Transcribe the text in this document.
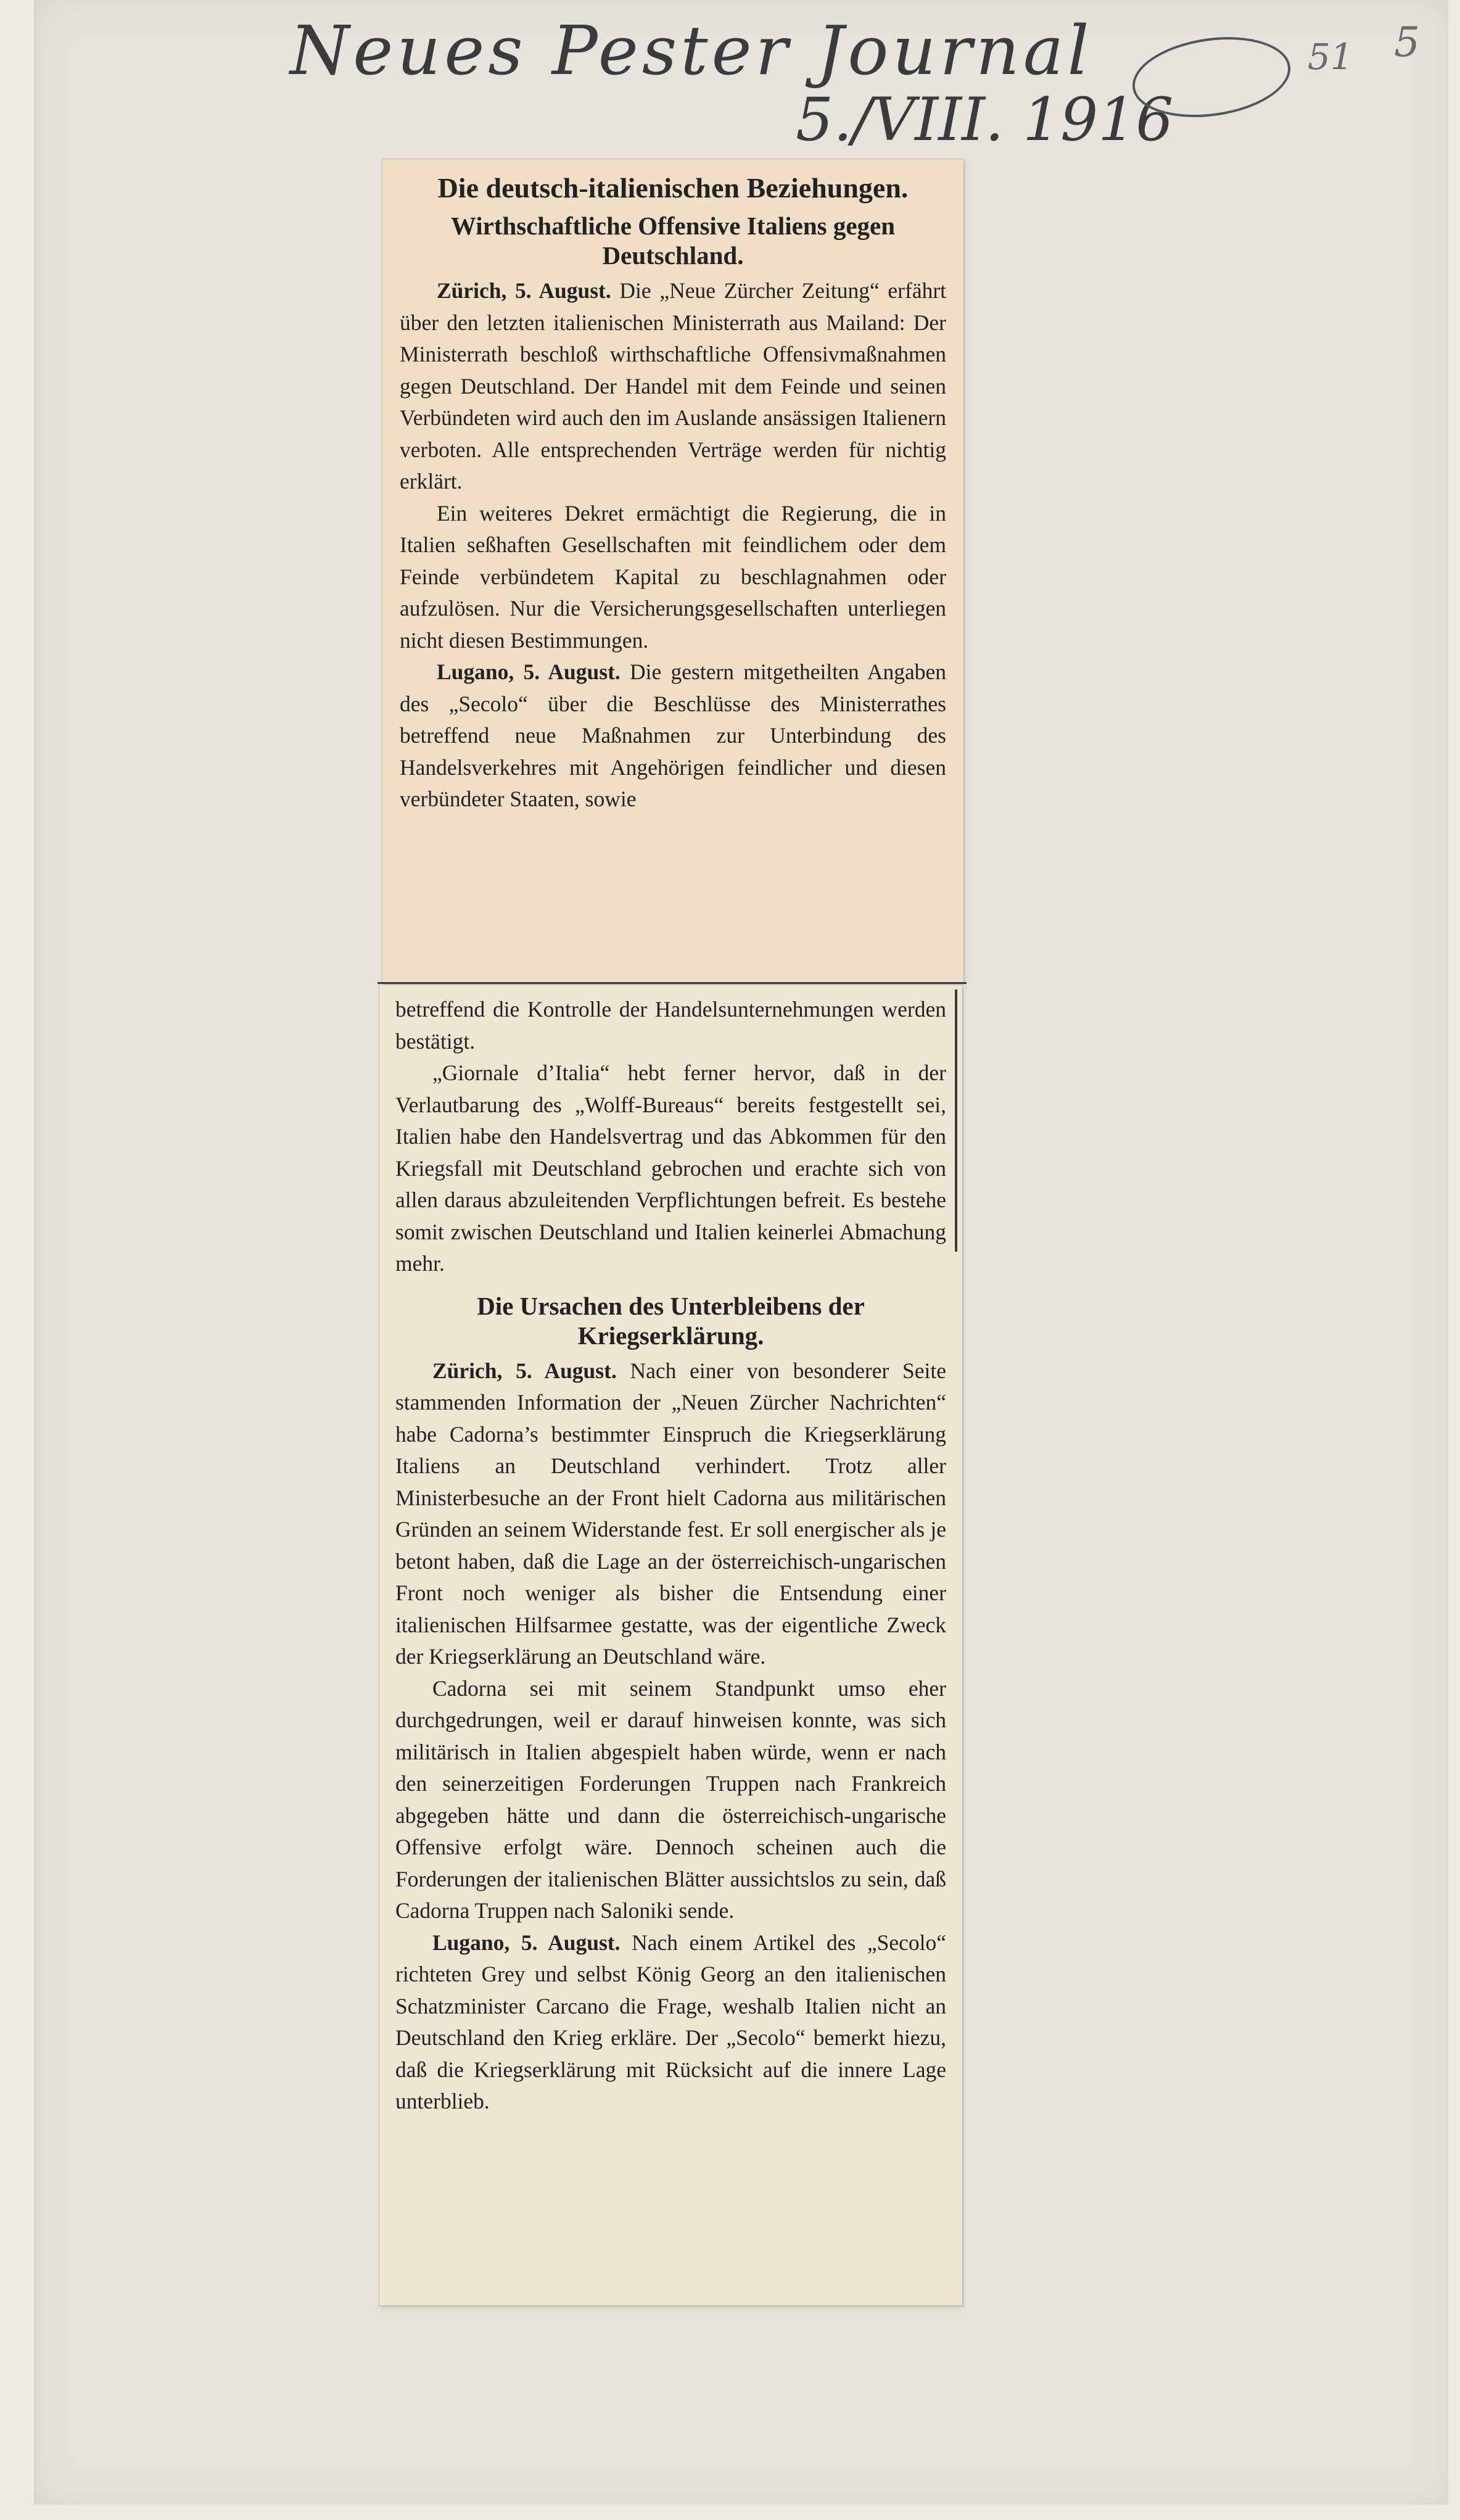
Neues Pester Journal
5./VIII. 1916
51 5
Die deutsch-italienischen Beziehungen.
Wirthschaftliche Offensive Italiens gegen Deutschland.

Zürich, 5. August. Die „Neue Zürcher Zeitung“ erfährt über den letzten italienischen Ministerrath aus Mailand: Der Ministerrath beschloß wirthschaftliche Offensivmaßnahmen gegen Deutschland. Der Handel mit dem Feinde und seinen Verbündeten wird auch den im Auslande ansässigen Italienern verboten. Alle entsprechenden Verträge werden für nichtig erklärt.

Ein weiteres Dekret ermächtigt die Regierung, die in Italien seßhaften Gesellschaften mit feindlichem oder dem Feinde verbündetem Kapital zu beschlagnahmen oder aufzulösen. Nur die Versicherungsgesellschaften unterliegen nicht diesen Bestimmungen.

Lugano, 5. August. Die gestern mitgetheilten Angaben des „Secolo“ über die Beschlüsse des Ministerrathes betreffend neue Maßnahmen zur Unterbindung des Handelsverkehres mit Angehörigen feindlicher und diesen verbündeter Staaten, sowie

betreffend die Kontrolle der Handelsunternehmungen werden bestätigt.

„Giornale d’Italia“ hebt ferner hervor, daß in der Verlautbarung des „Wolff-Bureaus“ bereits festgestellt sei, Italien habe den Handelsvertrag und das Abkommen für den Kriegsfall mit Deutschland gebrochen und erachte sich von allen daraus abzuleitenden Verpflichtungen befreit. Es bestehe somit zwischen Deutschland und Italien keinerlei Abmachung mehr.

Die Ursachen des Unterbleibens der Kriegserklärung.

Zürich, 5. August. Nach einer von besonderer Seite stammenden Information der „Neuen Zürcher Nachrichten“ habe Cadorna’s bestimmter Einspruch die Kriegserklärung Italiens an Deutschland verhindert. Trotz aller Ministerbesuche an der Front hielt Cadorna aus militärischen Gründen an seinem Widerstande fest. Er soll energischer als je betont haben, daß die Lage an der österreichisch-ungarischen Front noch weniger als bisher die Entsendung einer italienischen Hilfsarmee gestatte, was der eigentliche Zweck der Kriegserklärung an Deutschland wäre.

Cadorna sei mit seinem Standpunkt umso eher durchgedrungen, weil er darauf hinweisen konnte, was sich militärisch in Italien abgespielt haben würde, wenn er nach den seinerzeitigen Forderungen Truppen nach Frankreich abgegeben hätte und dann die österreichisch-ungarische Offensive erfolgt wäre. Dennoch scheinen auch die Forderungen der italienischen Blätter aussichtslos zu sein, daß Cadorna Truppen nach Saloniki sende.

Lugano, 5. August. Nach einem Artikel des „Secolo“ richteten Grey und selbst König Georg an den italienischen Schatzminister Carcano die Frage, weshalb Italien nicht an Deutschland den Krieg erkläre. Der „Secolo“ bemerkt hiezu, daß die Kriegserklärung mit Rücksicht auf die innere Lage unterblieb.
